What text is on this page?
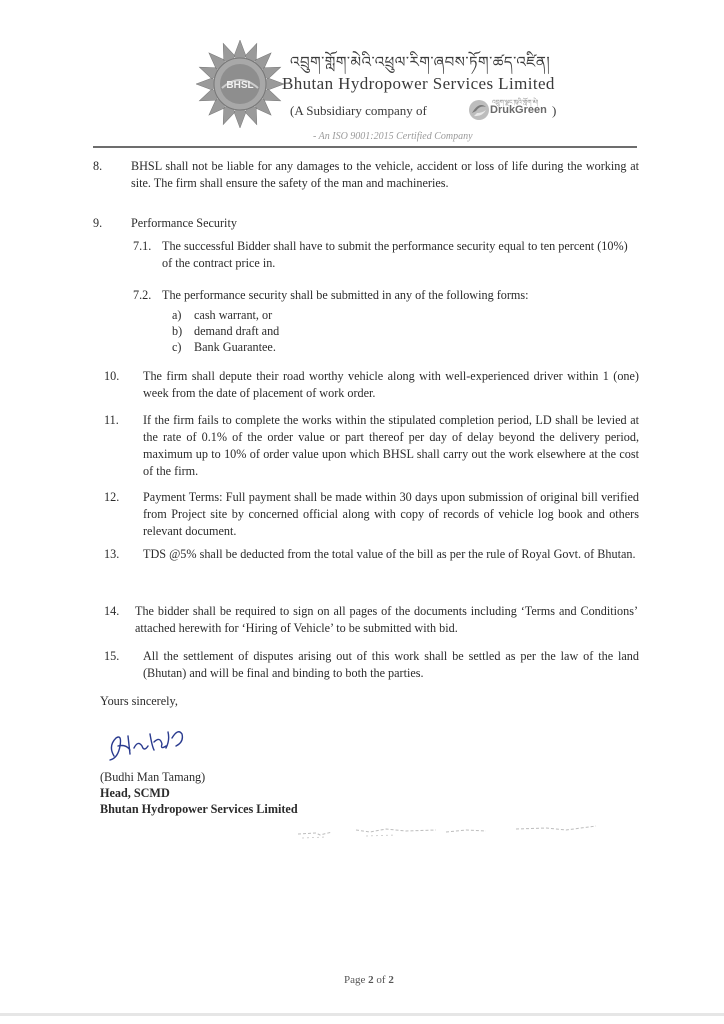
BHSL
འབྲུག་གློག་མེའི་འཕྲུལ་རིག་ཞབས་ཏོག་ཚད་འཛིན།
Bhutan Hydropower Services Limited
(A Subsidiary company of
འབྲུག་ལྗང་ཁུའི་གློག་མེ།
DrukGreen )
- An ISO 9001:2015 Certified Company
8. BHSL shall not be liable for any damages to the vehicle, accident or loss of life during the working at site. The firm shall ensure the safety of the man and machineries.
9. Performance Security
7.1. The successful Bidder shall have to submit the performance security equal to ten percent (10%) of the contract price in.
7.2. The performance security shall be submitted in any of the following forms:
a) cash warrant, or
b) demand draft and
c) Bank Guarantee.
10. The firm shall depute their road worthy vehicle along with well-experienced driver within 1 (one) week from the date of placement of work order.
11. If the firm fails to complete the works within the stipulated completion period, LD shall be levied at the rate of 0.1% of the order value or part thereof per day of delay beyond the delivery period, maximum up to 10% of order value upon which BHSL shall carry out the work elsewhere at the cost of the firm.
12. Payment Terms: Full payment shall be made within 30 days upon submission of original bill verified from Project site by concerned official along with copy of records of vehicle log book and others relevant document.
13. TDS @5% shall be deducted from the total value of the bill as per the rule of Royal Govt. of Bhutan.
14. The bidder shall be required to sign on all pages of the documents including ‘Terms and Conditions’ attached herewith for ‘Hiring of Vehicle’ to be submitted with bid.
15. All the settlement of disputes arising out of this work shall be settled as per the law of the land (Bhutan) and will be final and binding to both the parties.
Yours sincerely,
(Budhi Man Tamang)
Head, SCMD
Bhutan Hydropower Services Limited
Page 2 of 2
